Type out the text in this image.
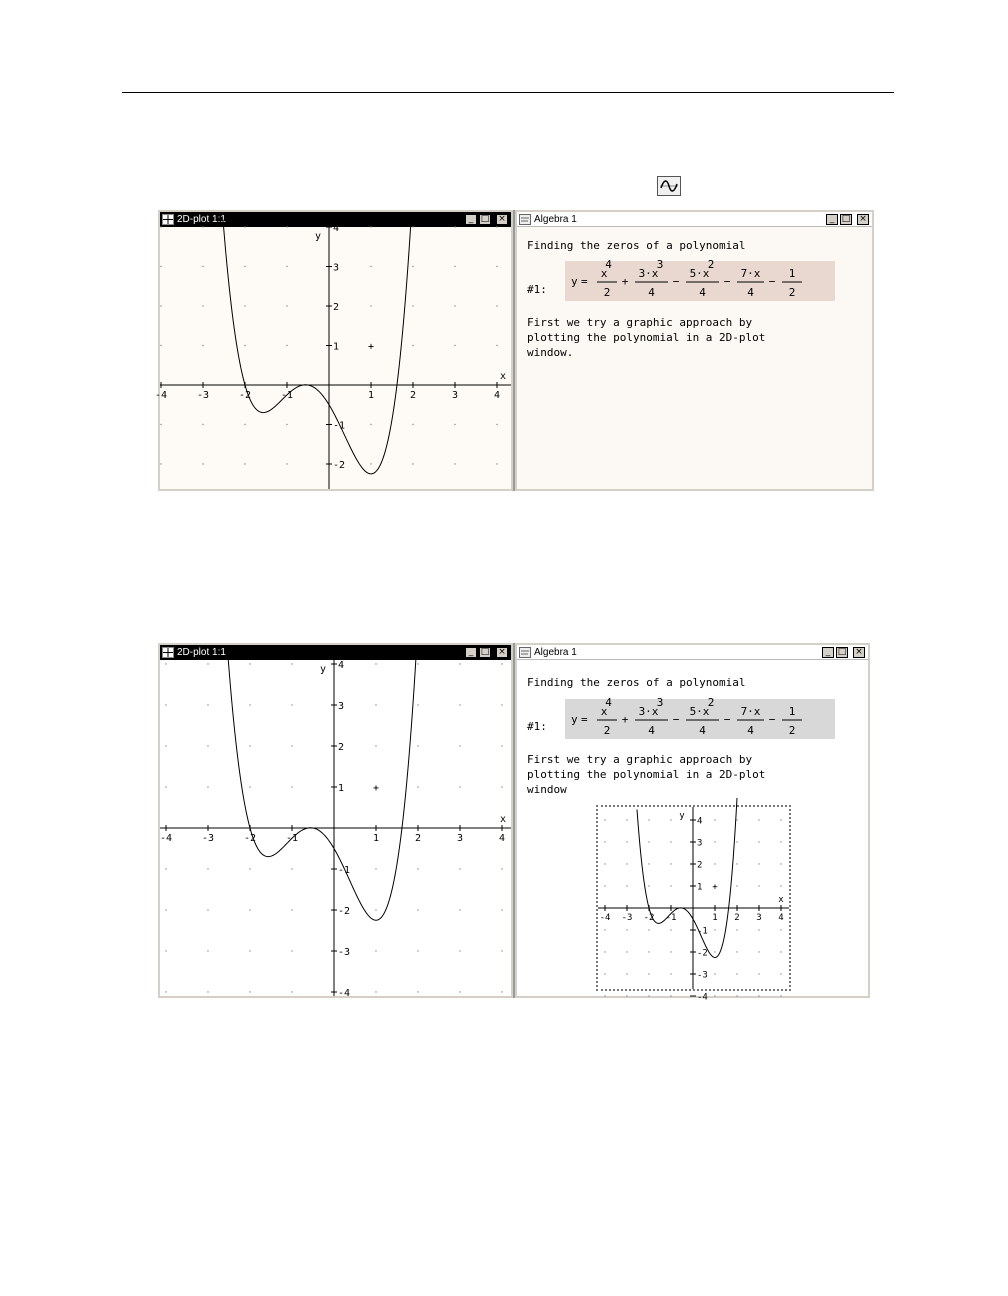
2D-plot 1:1	_ □ ×
-4	-3	-2	-1	1	2	3	4
4
3
2
1
-1
-2
x
y
+
Algebra 1	_ □ ×
Finding the zeros of a polynomial
#1:
y =
x
4
2
+
3·x
3
4
−
5·x
2
4
−
7·x
4
−
1
2
First we try a graphic approach by
plotting the polynomial in a 2D-plot
window.
2D-plot 1:1	_ □ ×
-4	-3	-2	-1	1	2	3	4
4
3
2
1
-1
-2
-3
-4
x
y
+
Algebra 1	_ □ ×
Finding the zeros of a polynomial
#1:
y =
x
4
2
+
3·x
3
4
−
5·x
2
4
−
7·x
4
−
1
2
First we try a graphic approach by
plotting the polynomial in a 2D-plot
window
-4 -3 -2 -1	1 2 3 4
4
3
2
1
-1
-2
-3
-4
x
y
+
